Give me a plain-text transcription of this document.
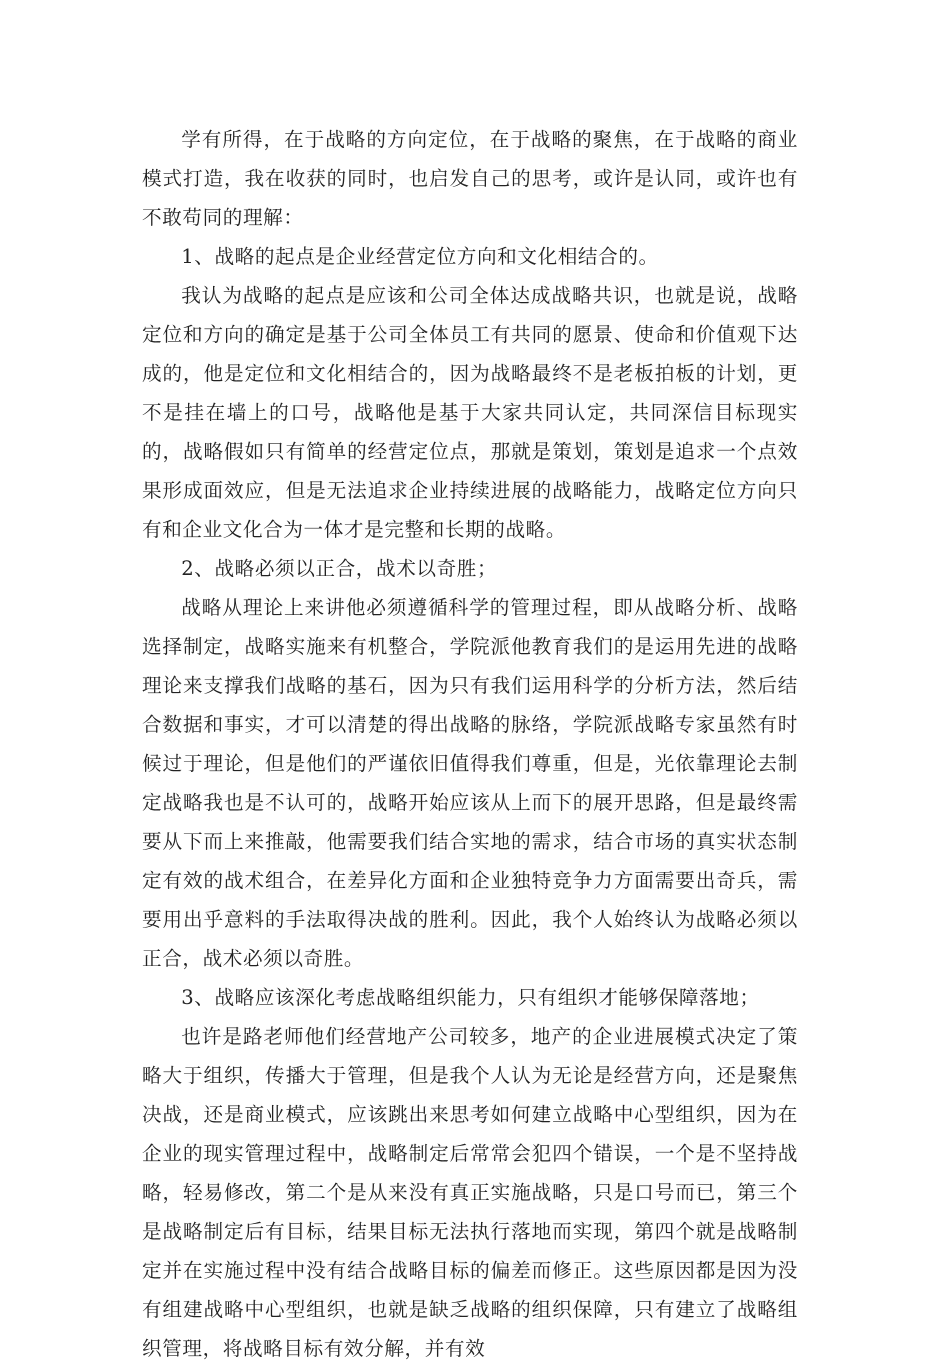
学有所得，在于战略的方向定位，在于战略的聚焦，在于战略的商业模式打造，我在收获的同时，也启发自己的思考，或许是认同，或许也有不敢苟同的理解：

1、战略的起点是企业经营定位方向和文化相结合的。

我认为战略的起点是应该和公司全体达成战略共识，也就是说，战略定位和方向的确定是基于公司全体员工有共同的愿景、使命和价值观下达成的，他是定位和文化相结合的，因为战略最终不是老板拍板的计划，更不是挂在墙上的口号，战略他是基于大家共同认定，共同深信目标现实的，战略假如只有简单的经营定位点，那就是策划，策划是追求一个点效果形成面效应，但是无法追求企业持续进展的战略能力，战略定位方向只有和企业文化合为一体才是完整和长期的战略。

2、战略必须以正合，战术以奇胜；

战略从理论上来讲他必须遵循科学的管理过程，即从战略分析、战略选择制定，战略实施来有机整合，学院派他教育我们的是运用先进的战略理论来支撑我们战略的基石，因为只有我们运用科学的分析方法，然后结合数据和事实，才可以清楚的得出战略的脉络，学院派战略专家虽然有时候过于理论，但是他们的严谨依旧值得我们尊重，但是，光依靠理论去制定战略我也是不认可的，战略开始应该从上而下的展开思路，但是最终需要从下而上来推敲，他需要我们结合实地的需求，结合市场的真实状态制定有效的战术组合，在差异化方面和企业独特竞争力方面需要出奇兵，需要用出乎意料的手法取得决战的胜利。因此，我个人始终认为战略必须以正合，战术必须以奇胜。

3、战略应该深化考虑战略组织能力，只有组织才能够保障落地；

也许是路老师他们经营地产公司较多，地产的企业进展模式决定了策略大于组织，传播大于管理，但是我个人认为无论是经营方向，还是聚焦决战，还是商业模式，应该跳出来思考如何建立战略中心型组织，因为在企业的现实管理过程中，战略制定后常常会犯四个错误，一个是不坚持战略，轻易修改，第二个是从来没有真正实施战略，只是口号而已，第三个是战略制定后有目标，结果目标无法执行落地而实现，第四个就是战略制定并在实施过程中没有结合战略目标的偏差而修正。这些原因都是因为没有组建战略中心型组织，也就是缺乏战略的组织保障，只有建立了战略组织管理，将战略目标有效分解，并有效
